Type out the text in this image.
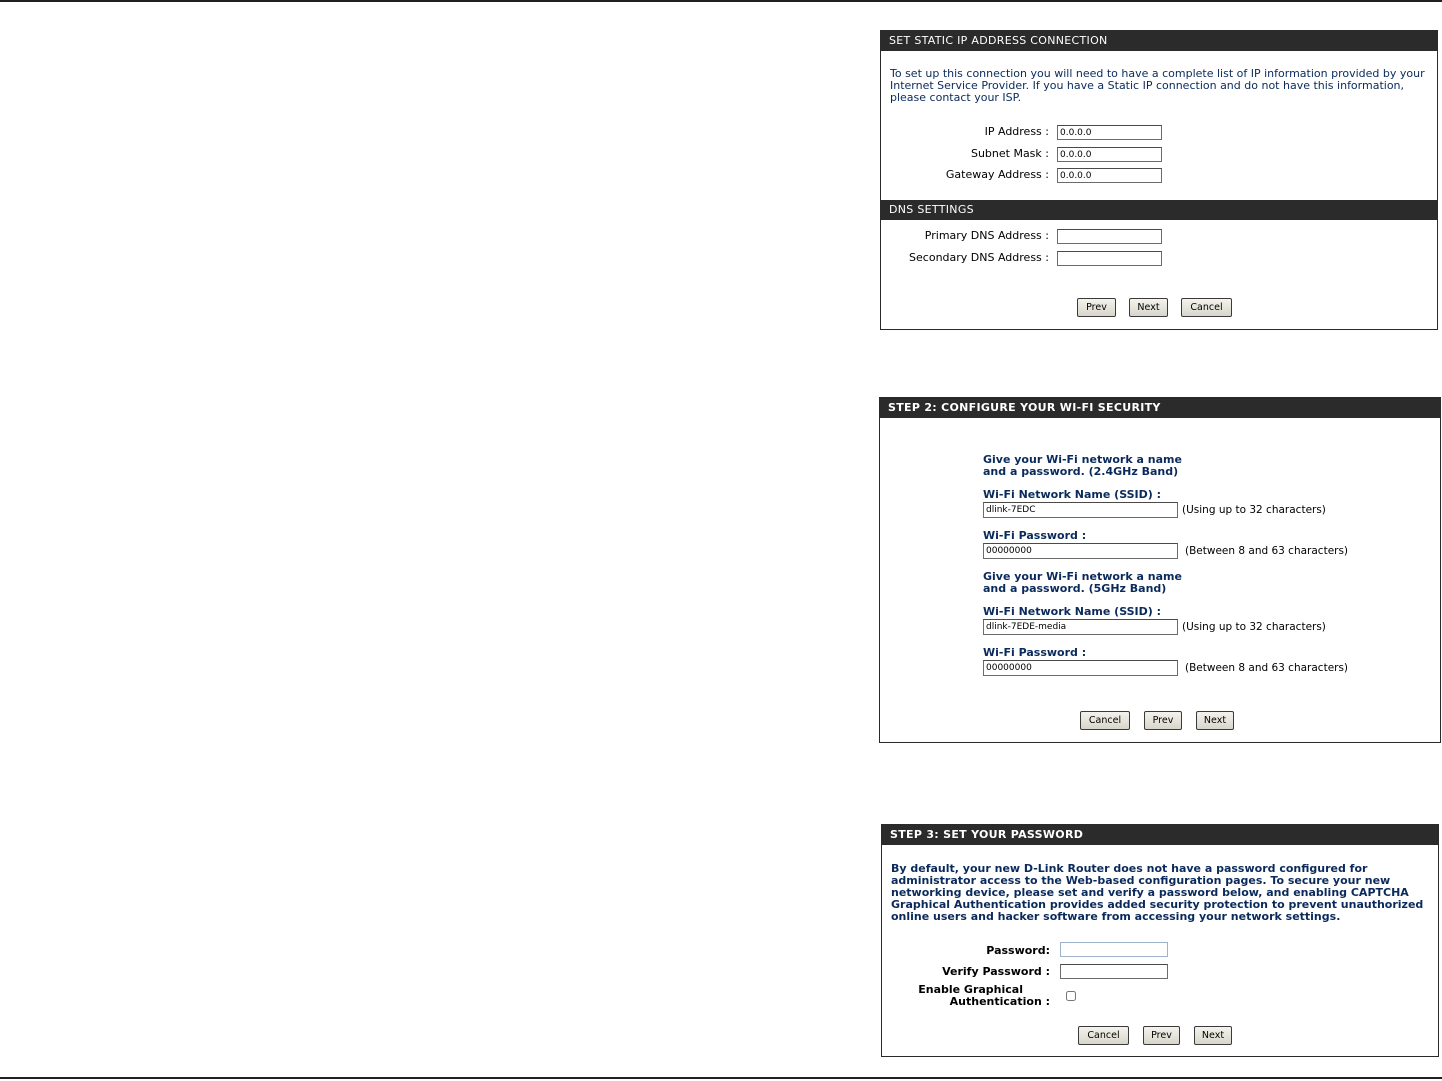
SET STATIC IP ADDRESS CONNECTION
To set up this connection you will need to have a complete list of IP information provided by your Internet Service Provider. If you have a Static IP connection and do not have this information, please contact your ISP.
IP Address :
0.0.0.0
Subnet Mask :
0.0.0.0
Gateway Address :
0.0.0.0
DNS SETTINGS
Primary DNS Address :
Secondary DNS Address :
Prev	Next	Cancel
STEP 2: CONFIGURE YOUR WI-FI SECURITY
Give your Wi-Fi network a name and a password. (2.4GHz Band)
Wi-Fi Network Name (SSID) :
dlink-7EDC
(Using up to 32 characters)
Wi-Fi Password :
00000000
(Between 8 and 63 characters)
Give your Wi-Fi network a name and a password. (5GHz Band)
Wi-Fi Network Name (SSID) :
dlink-7EDE-media
(Using up to 32 characters)
Wi-Fi Password :
00000000
(Between 8 and 63 characters)
Cancel	Prev	Next
STEP 3: SET YOUR PASSWORD
By default, your new D-Link Router does not have a password configured for administrator access to the Web-based configuration pages. To secure your new networking device, please set and verify a password below, and enabling CAPTCHA Graphical Authentication provides added security protection to prevent unauthorized online users and hacker software from accessing your network settings.
Password:
Verify Password :
Enable Graphical
Authentication :
Cancel	Prev	Next
